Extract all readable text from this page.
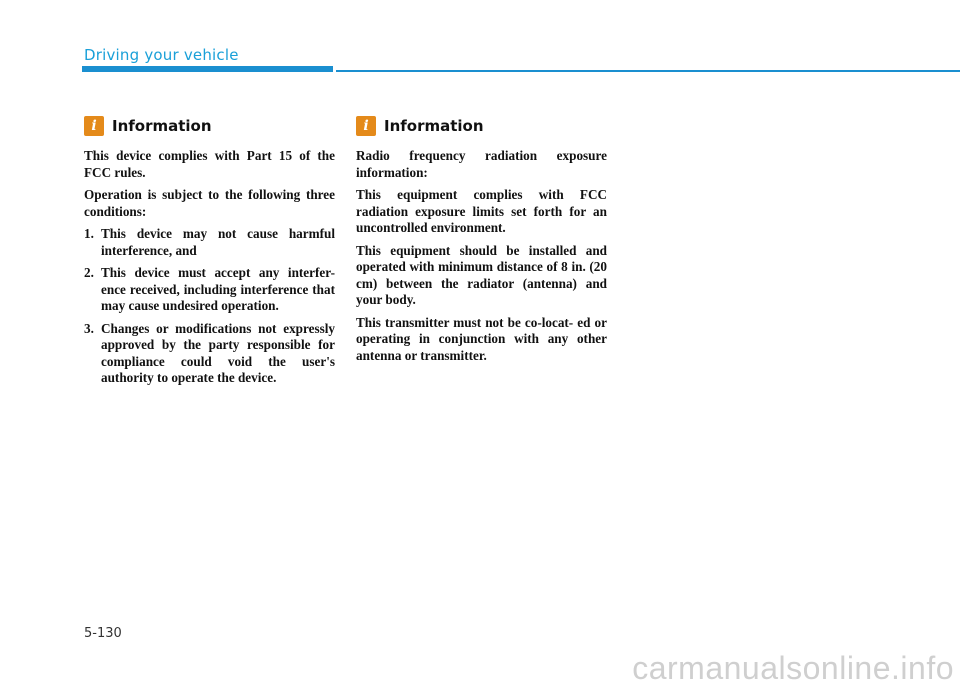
Driving your vehicle
i	Information

This device complies with Part 15 of the FCC rules.

Operation is subject to the following three conditions:

1. This device may not cause harmful interference, and
2. This device must accept any interfer- ence received, including interference that may cause undesired operation.
3. Changes or modifications not expressly approved by the party responsible for compliance could void the user's authority to operate the device.
i	Information

Radio frequency radiation exposure information:

This equipment complies with FCC radiation exposure limits set forth for an uncontrolled environment.

This equipment should be installed and operated with minimum distance of 8 in. (20 cm) between the radiator (antenna) and your body.

This transmitter must not be co-locat- ed or operating in conjunction with any other antenna or transmitter.

5-130
carmanualsonline.info
